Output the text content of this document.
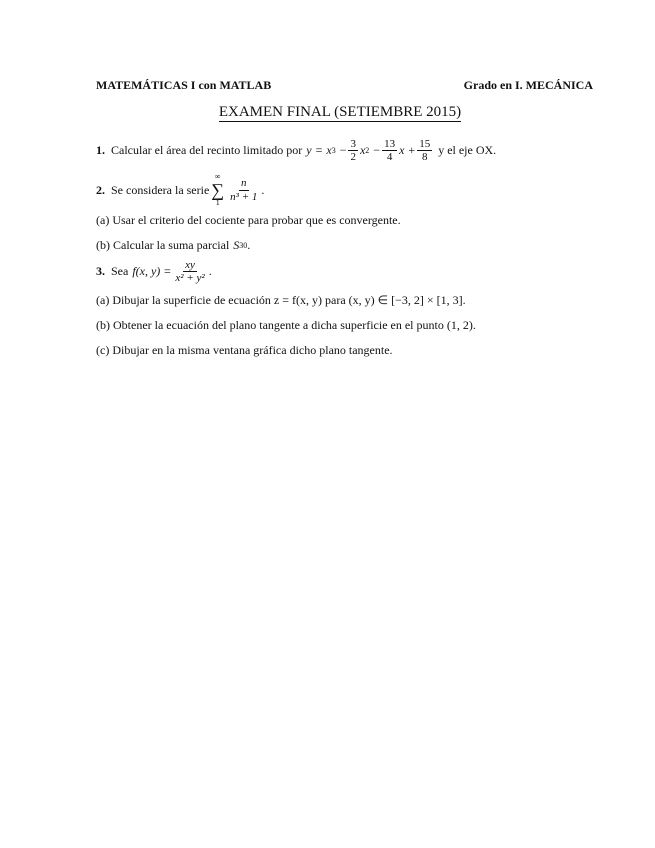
MATEMÁTICAS I con MATLAB	Grado en I. MECÁNICA
EXAMEN FINAL (SETIEMBRE 2015)
1. Calcular el área del recinto limitado por y = x $3 - \frac{3}{2}$ x $2 - \frac{13}{4}$ $x + \frac{15}{8}$ y el eje OX.
2. Se considera la serie
∞
∑
$1 \frac{n}{\text{n³ + 1}}$ .
(a) Usar el criterio del cociente para probar que es convergente.
(b) Calcular la suma parcial S 30 .
3. Sea f(x, $y) = \frac{xy}{\text{x² + y²}}$ .
(a) Dibujar la superficie de ecuación z = f(x, y) para (x, y) ∈ [−3, 2] × [1, 3].
(b) Obtener la ecuación del plano tangente a dicha superficie en el punto (1, 2).
(c) Dibujar en la misma ventana gráfica dicho plano tangente.
